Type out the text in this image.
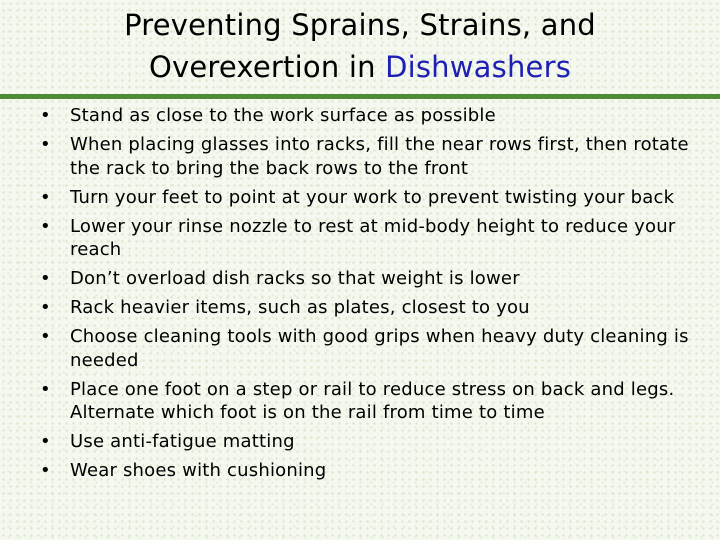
Preventing Sprains, Strains, and
Overexertion in Dishwashers
• Stand as close to the work surface as possible
• When placing glasses into racks, fill the near rows first, then rotate the rack to bring the back rows to the front
• Turn your feet to point at your work to prevent twisting your back
• Lower your rinse nozzle to rest at mid-body height to reduce your reach
• Don’t overload dish racks so that weight is lower
• Rack heavier items, such as plates, closest to you
• Choose cleaning tools with good grips when heavy duty cleaning is needed
• Place one foot on a step or rail to reduce stress on back and legs. Alternate which foot is on the rail from time to time
• Use anti-fatigue matting
• Wear shoes with cushioning
